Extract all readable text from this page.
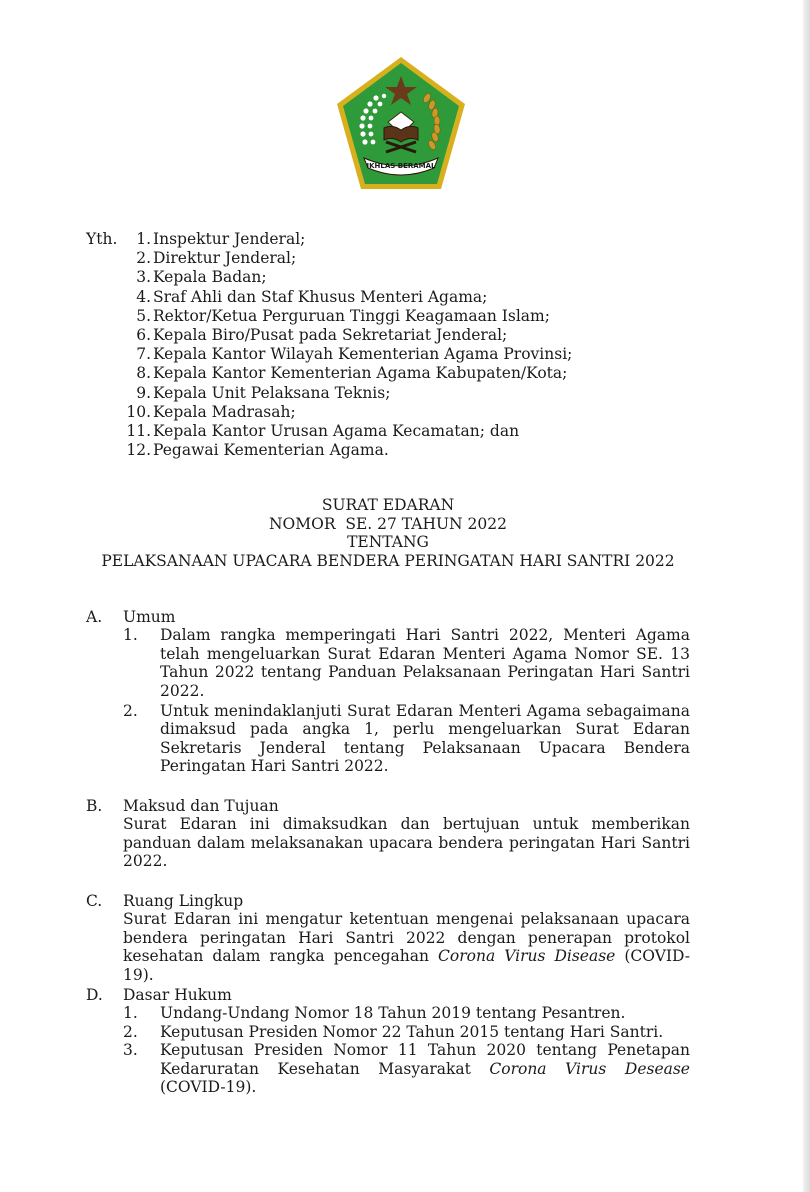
IKHLAS BERAMAL
Yth.	1. Inspektur Jenderal;
2. Direktur Jenderal;
3. Kepala Badan;
4. Sraf Ahli dan Staf Khusus Menteri Agama;
5. Rektor/Ketua Perguruan Tinggi Keagamaan Islam;
6. Kepala Biro/Pusat pada Sekretariat Jenderal;
7. Kepala Kantor Wilayah Kementerian Agama Provinsi;
8. Kepala Kantor Kementerian Agama Kabupaten/Kota;
9. Kepala Unit Pelaksana Teknis;
10. Kepala Madrasah;
11. Kepala Kantor Urusan Agama Kecamatan; dan
12. Pegawai Kementerian Agama.
SURAT EDARAN
NOMOR  SE. 27 TAHUN 2022
TENTANG
PELAKSANAAN UPACARA BENDERA PERINGATAN HARI SANTRI 2022
A. Umum
1. Dalam rangka memperingati Hari Santri 2022, Menteri Agama telah mengeluarkan Surat Edaran Menteri Agama Nomor SE. 13 Tahun 2022 tentang Panduan Pelaksanaan Peringatan Hari Santri 2022.
2. Untuk menindaklanjuti Surat Edaran Menteri Agama sebagaimana dimaksud pada angka 1, perlu mengeluarkan Surat Edaran Sekretaris Jenderal tentang Pelaksanaan Upacara Bendera Peringatan Hari Santri 2022.
B. Maksud dan Tujuan
Surat Edaran ini dimaksudkan dan bertujuan untuk memberikan panduan dalam melaksanakan upacara bendera peringatan Hari Santri 2022.
C. Ruang Lingkup
Surat Edaran ini mengatur ketentuan mengenai pelaksanaan upacara bendera peringatan Hari Santri 2022 dengan penerapan protokol kesehatan dalam rangka pencegahan Corona Virus Disease (COVID-19).
D. Dasar Hukum
1. Undang-Undang Nomor 18 Tahun 2019 tentang Pesantren.
2. Keputusan Presiden Nomor 22 Tahun 2015 tentang Hari Santri.
3. Keputusan Presiden Nomor 11 Tahun 2020 tentang Penetapan Kedaruratan Kesehatan Masyarakat Corona Virus Desease (COVID-19).
